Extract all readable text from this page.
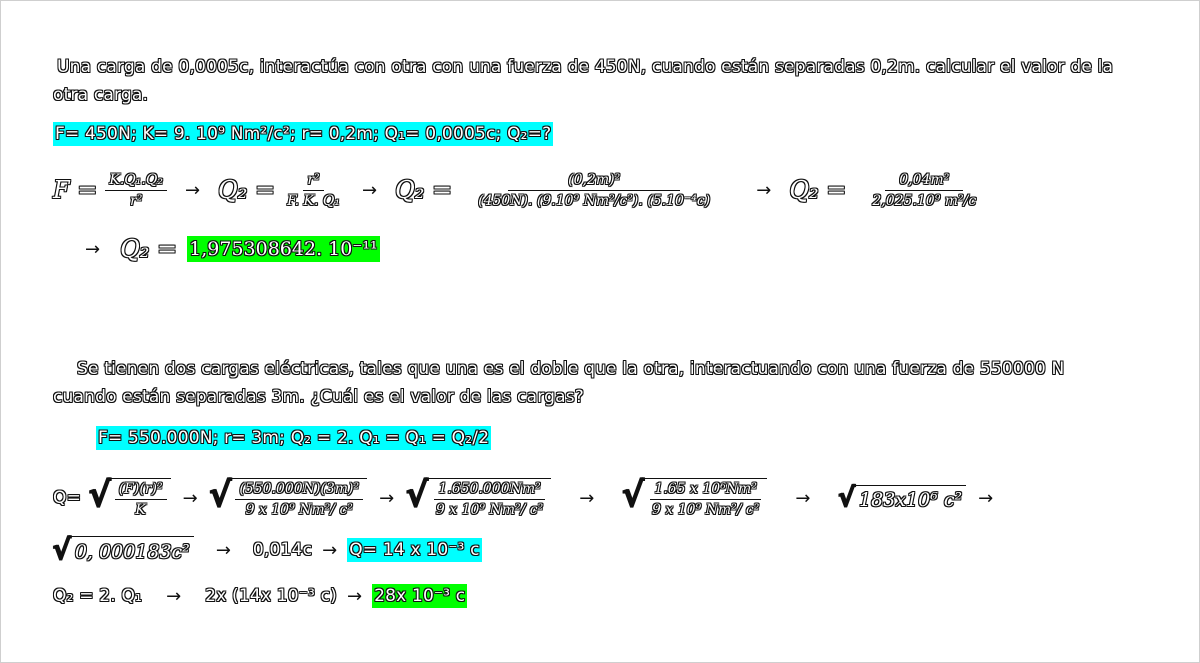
Una carga de 0,0005c, interactúa con otra con una fuerza de 450N, cuando están separadas 0,2m. calcular el valor de la
otra carga.
F= 450N; K= 9. 10⁹ Nm²/c²; r= 0,2m; Q₁= 0,0005c; Q₂=?
$F = \frac{\text{K.Q₁.Q₂}}{\text{r²}} \to Q_2 = \frac{\text{r²}}{\text{F. K. Q₁}} \to Q_2 = \frac{\text{(0,2m)²}}{\text{(450N). (9.10⁹ Nm²/c²). (5.10⁻⁴c)}} \to Q_2 = \frac{\text{0,04m²}}{\text{2,025.10⁹ m²/c}}$
→ Q₂ = 1,975308642. 10⁻¹¹
Se tienen dos cargas eléctricas, tales que una es el doble que la otra, interactuando con una fuerza de 550000 N
cuando están separadas 3m. ¿Cuál es el valor de las cargas?
F= 550.000N; r= 3m; Q₂ = 2. Q₁ = Q₁ = Q₂/2
Q= √ $\frac{\text{(F)(r)²}}{K}$ → √ $\frac{\text{(550.000N)(3m)²}}{\text{9 x 10⁹ Nm²/ c²}}$ → √ $\frac{\text{1.650.000Nm²}}{\text{9 x 10⁹ Nm²/ c²}}$ → √ $\frac{\text{1.65 x 10⁶Nm²}}{\text{9 x 10⁹ Nm²/ c²}}$ → √ 183x10⁶ c² →
√ 0, 000183c² → 0,014c → Q= 14 x 10⁻³ c
Q₂ = 2. Q₁ → 2x (14x 10⁻³ c) → 28x 10⁻³ c
